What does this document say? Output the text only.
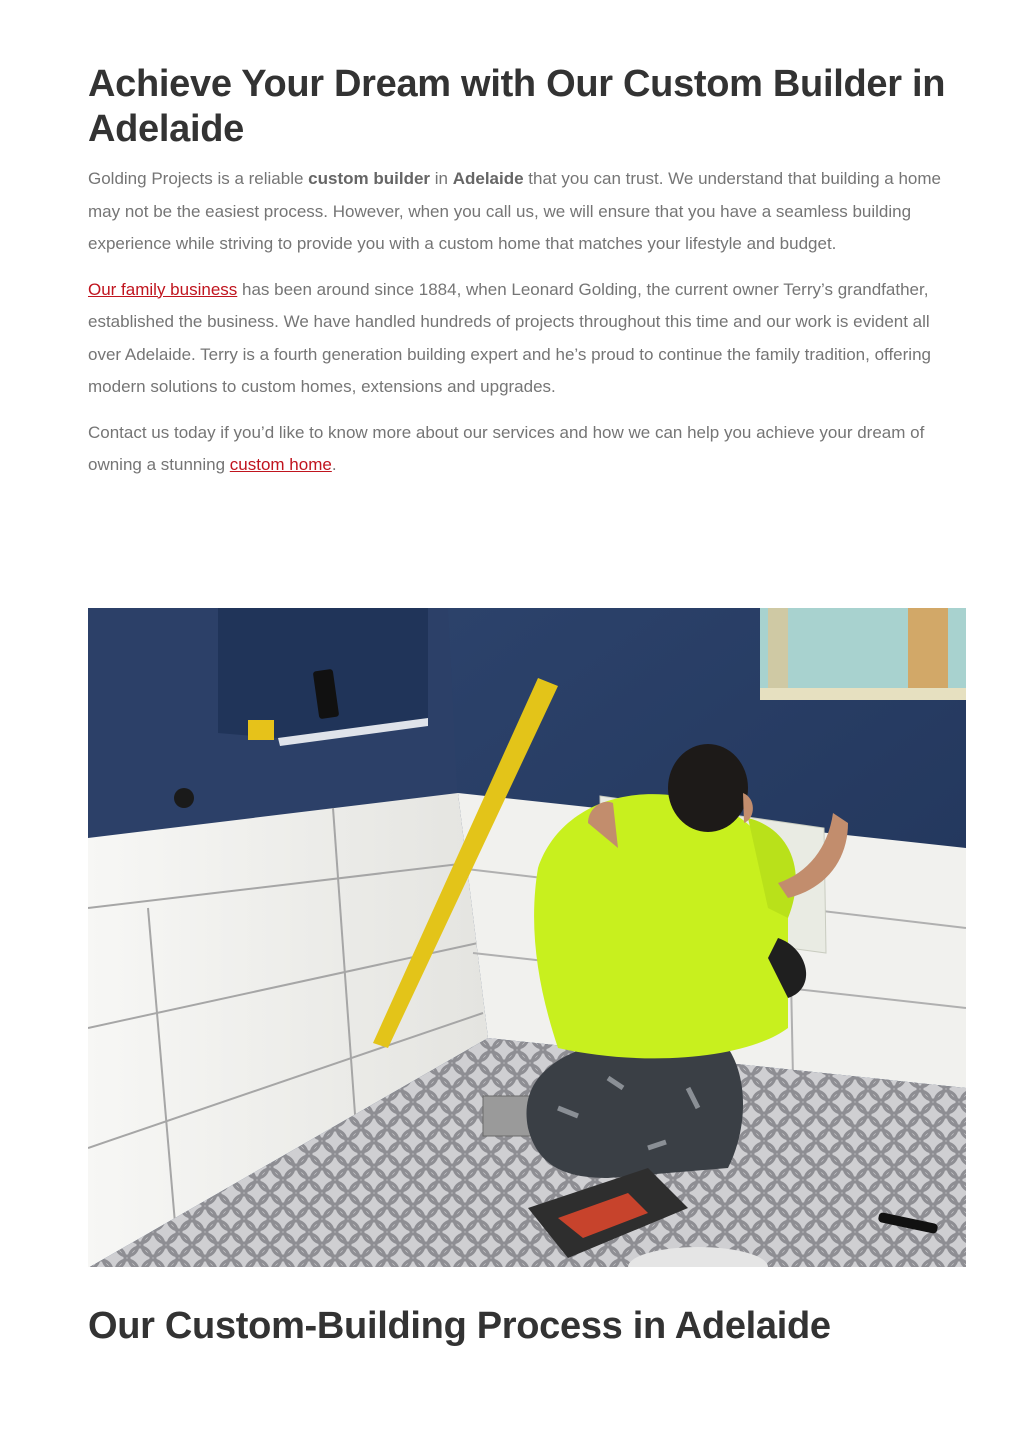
Achieve Your Dream with Our Custom Builder in Adelaide

Golding Projects is a reliable custom builder in Adelaide that you can trust. We understand that building a home may not be the easiest process. However, when you call us, we will ensure that you have a seamless building experience while striving to provide you with a custom home that matches your lifestyle and budget.

Our family business has been around since 1884, when Leonard Golding, the current owner Terry’s grandfather, established the business. We have handled hundreds of projects throughout this time and our work is evident all over Adelaide. Terry is a fourth generation building expert and he’s proud to continue the family tradition, offering modern solutions to custom homes, extensions and upgrades.

Contact us today if you’d like to know more about our services and how we can help you achieve your dream of owning a stunning custom home.

Our Custom-Building Process in Adelaide
